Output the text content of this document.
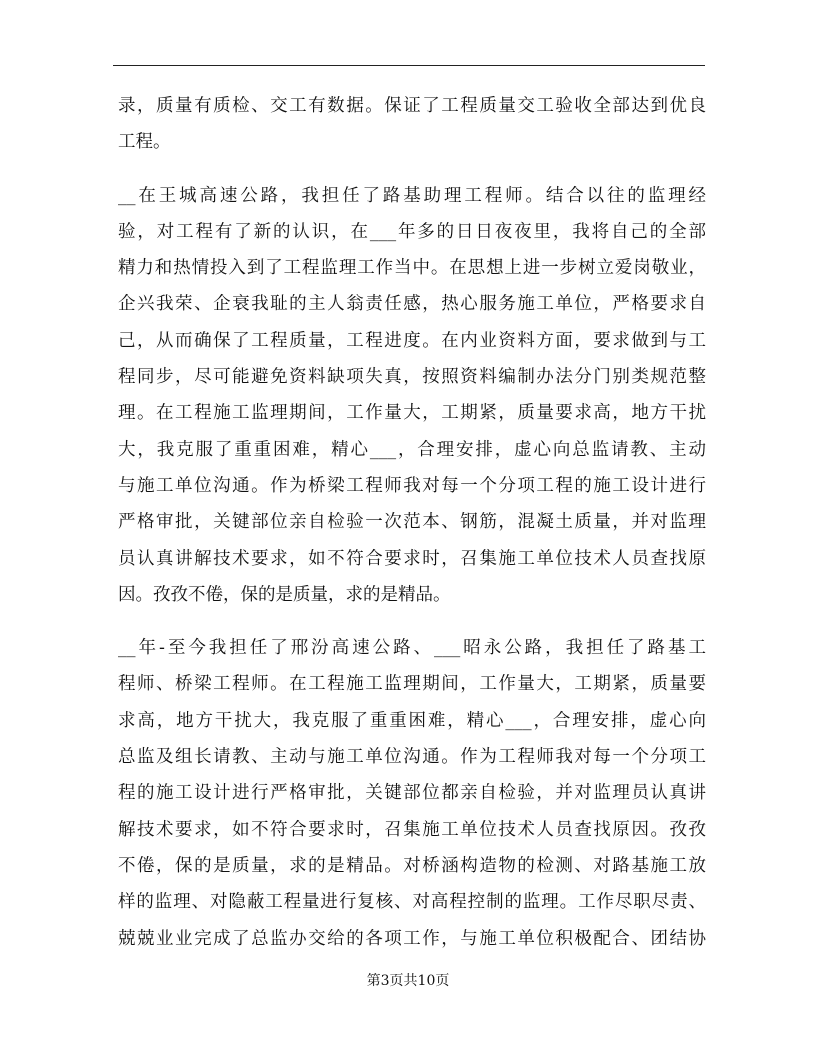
录，质量有质检、交工有数据。保证了工程质量交工验收全部达到优良
工程。
__在王城高速公路，我担任了路基助理工程师。结合以往的监理经
验，对工程有了新的认识，在___年多的日日夜夜里，我将自己的全部
精力和热情投入到了工程监理工作当中。在思想上进一步树立爱岗敬业，
企兴我荣、企衰我耻的主人翁责任感，热心服务施工单位，严格要求自
己，从而确保了工程质量，工程进度。在内业资料方面，要求做到与工
程同步，尽可能避免资料缺项失真，按照资料编制办法分门别类规范整
理。在工程施工监理期间，工作量大，工期紧，质量要求高，地方干扰
大，我克服了重重困难，精心___，合理安排，虚心向总监请教、主动
与施工单位沟通。作为桥梁工程师我对每一个分项工程的施工设计进行
严格审批，关键部位亲自检验一次范本、钢筋，混凝土质量，并对监理
员认真讲解技术要求，如不符合要求时，召集施工单位技术人员查找原
因。孜孜不倦，保的是质量，求的是精品。
__年-至今我担任了邢汾高速公路、___昭永公路，我担任了路基工
程师、桥梁工程师。在工程施工监理期间，工作量大，工期紧，质量要
求高，地方干扰大，我克服了重重困难，精心___，合理安排，虚心向
总监及组长请教、主动与施工单位沟通。作为工程师我对每一个分项工
程的施工设计进行严格审批，关键部位都亲自检验，并对监理员认真讲
解技术要求，如不符合要求时，召集施工单位技术人员查找原因。孜孜
不倦，保的是质量，求的是精品。对桥涵构造物的检测、对路基施工放
样的监理、对隐蔽工程量进行复核、对高程控制的监理。工作尽职尽责、
兢兢业业完成了总监办交给的各项工作，与施工单位积极配合、团结协
第3页共10页
